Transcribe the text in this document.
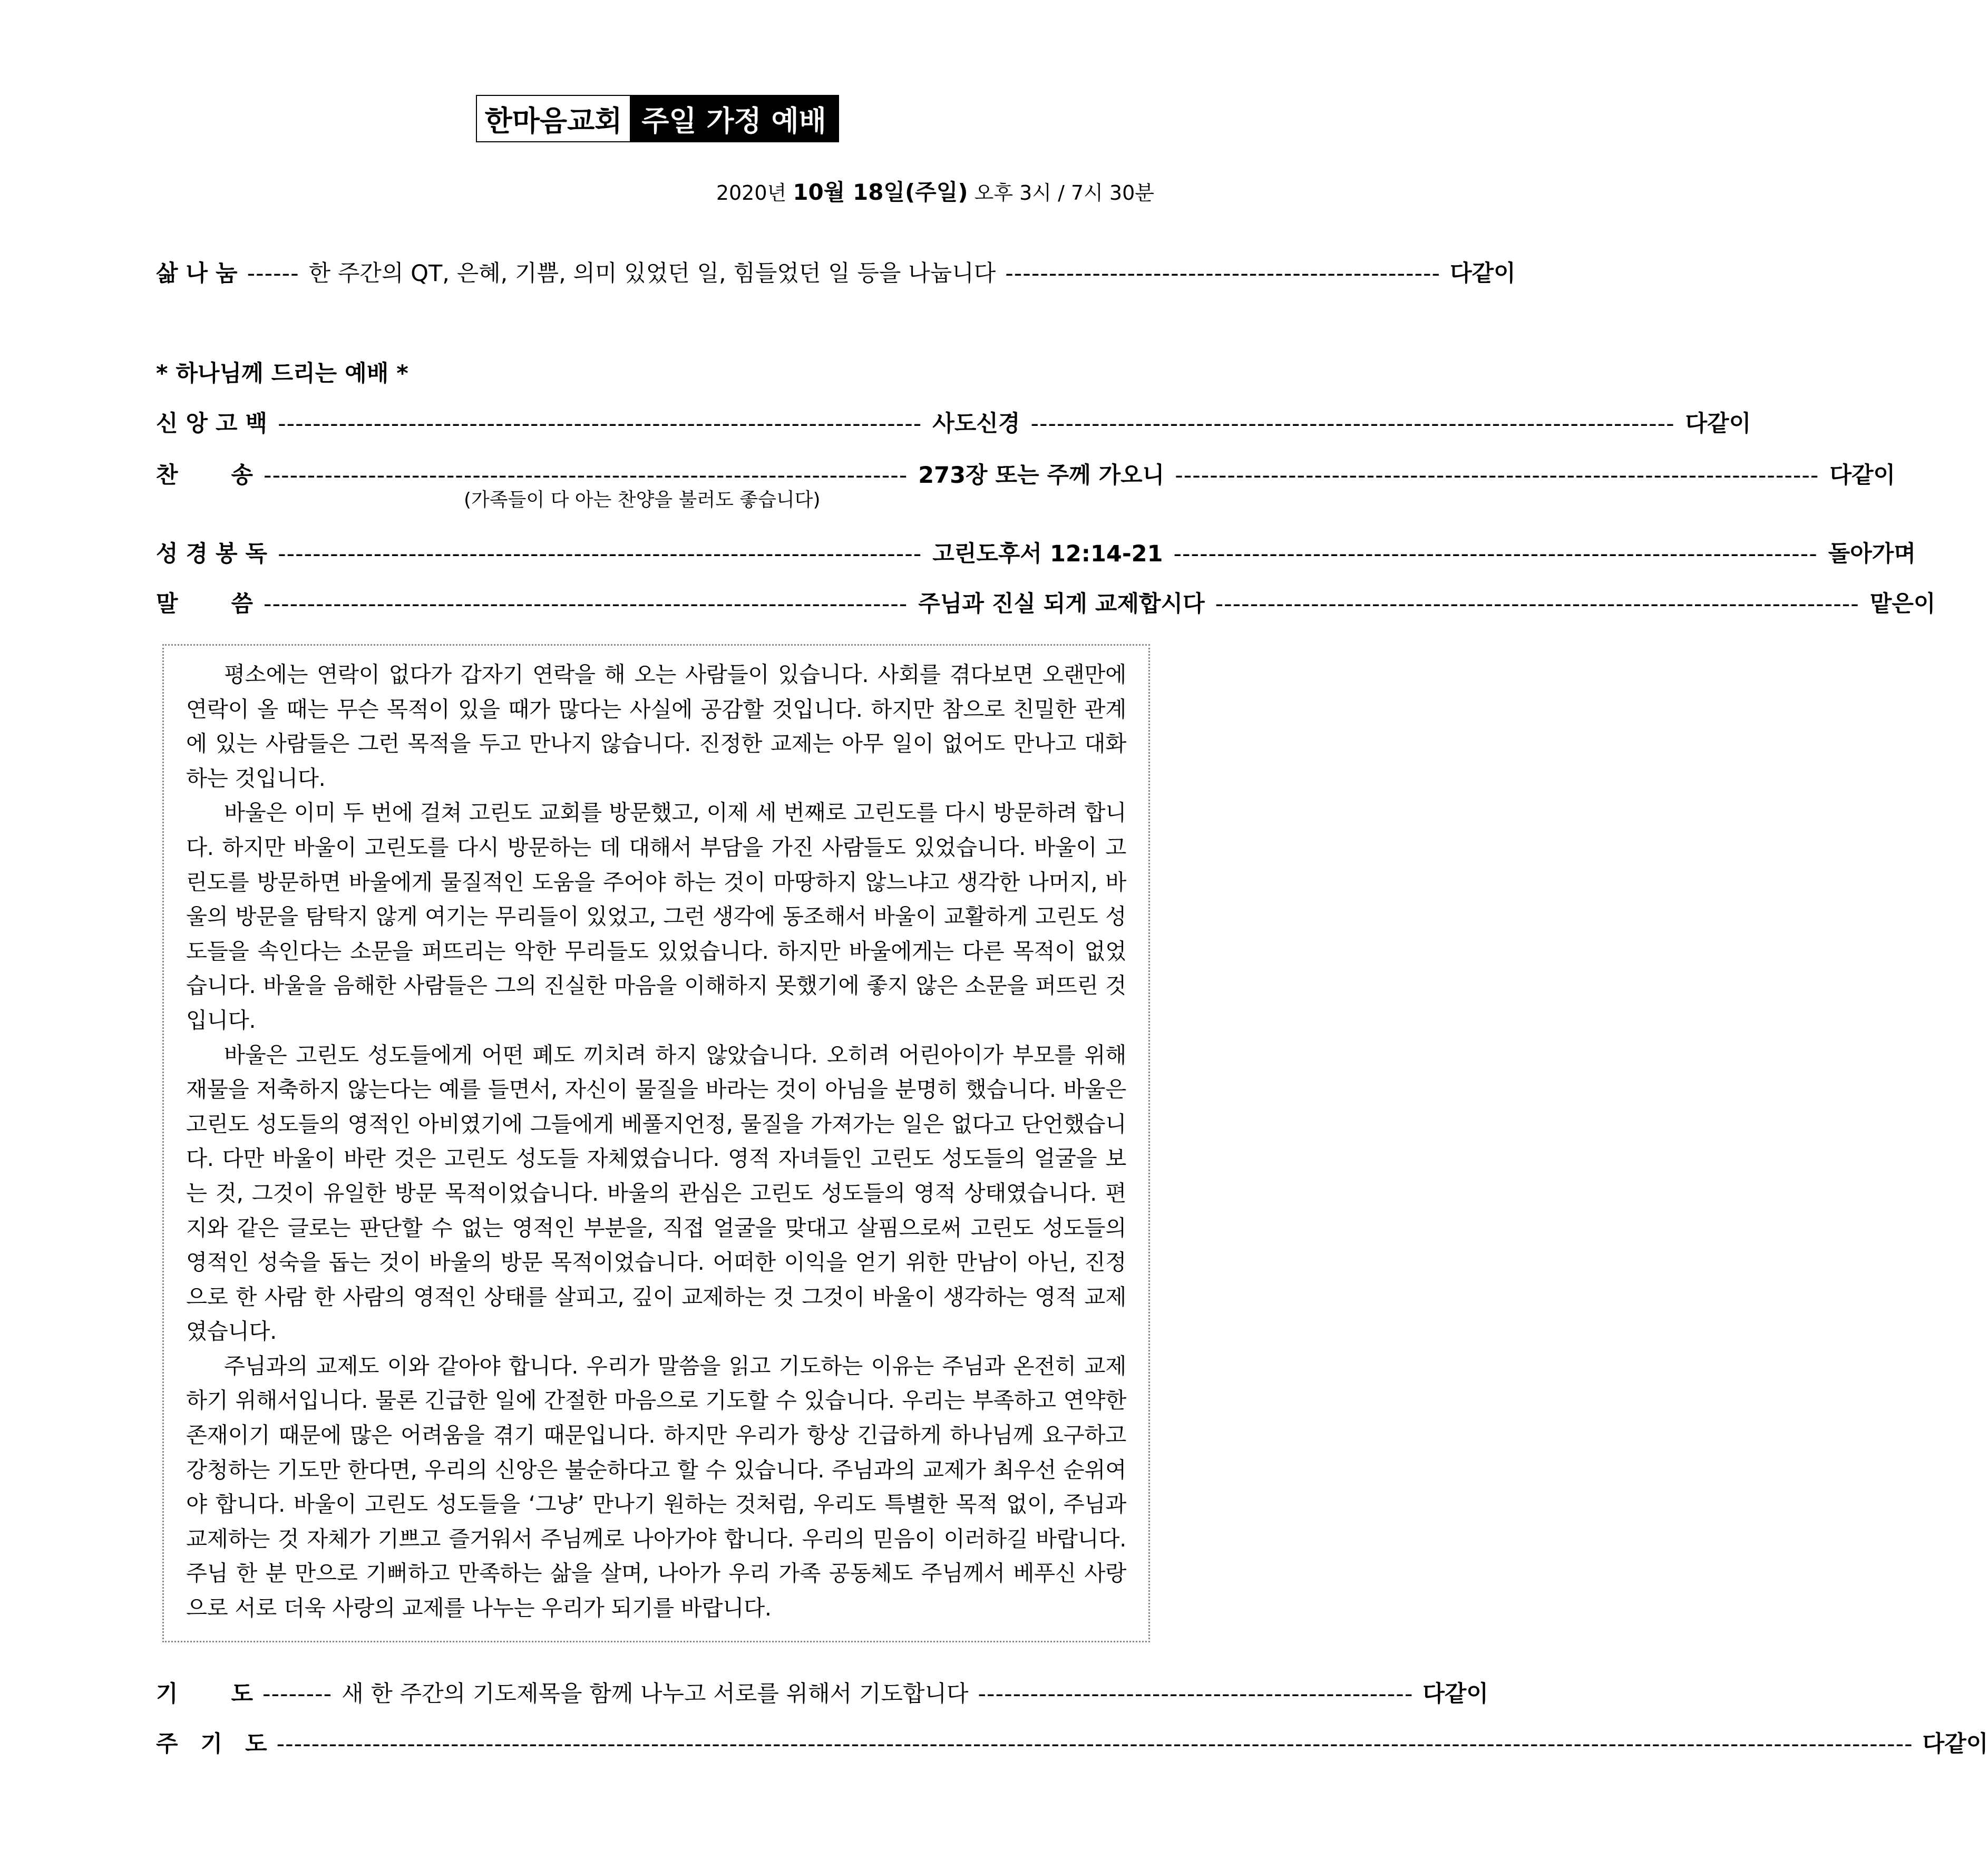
한마음교회 주일 가정 예배
2020년 10월 18일(주일) 오후 3시 / 7시 30분
삶 나 눔 ------ 한 주간의 QT, 은혜, 기쁨, 의미 있었던 일, 힘들었던 일 등을 나눕니다 -------------------------------------------------- 다같이
* 하나님께 드리는 예배 *
신 앙 고 백 -------------------------------------------------------------------------- 사도신경 -------------------------------------------------------------------------- 다같이
찬　　 송 -------------------------------------------------------------------------- 273장 또는 주께 가오니 -------------------------------------------------------------------------- 다같이
(가족들이 다 아는 찬양을 불러도 좋습니다)
성 경 봉 독 -------------------------------------------------------------------------- 고린도후서 12:14-21 -------------------------------------------------------------------------- 돌아가며
말　　 씀 -------------------------------------------------------------------------- 주님과 진실 되게 교제합시다 -------------------------------------------------------------------------- 맡은이

평소에는 연락이 없다가 갑자기 연락을 해 오는 사람들이 있습니다. 사회를 겪다보면 오랜만에 연락이 올 때는 무슨 목적이 있을 때가 많다는 사실에 공감할 것입니다. 하지만 참으로 친밀한 관계에 있는 사람들은 그런 목적을 두고 만나지 않습니다. 진정한 교제는 아무 일이 없어도 만나고 대화하는 것입니다.

바울은 이미 두 번에 걸쳐 고린도 교회를 방문했고, 이제 세 번째로 고린도를 다시 방문하려 합니다. 하지만 바울이 고린도를 다시 방문하는 데 대해서 부담을 가진 사람들도 있었습니다. 바울이 고린도를 방문하면 바울에게 물질적인 도움을 주어야 하는 것이 마땅하지 않느냐고 생각한 나머지, 바울의 방문을 탐탁지 않게 여기는 무리들이 있었고, 그런 생각에 동조해서 바울이 교활하게 고린도 성도들을 속인다는 소문을 퍼뜨리는 악한 무리들도 있었습니다. 하지만 바울에게는 다른 목적이 없었습니다. 바울을 음해한 사람들은 그의 진실한 마음을 이해하지 못했기에 좋지 않은 소문을 퍼뜨린 것입니다.

바울은 고린도 성도들에게 어떤 폐도 끼치려 하지 않았습니다. 오히려 어린아이가 부모를 위해 재물을 저축하지 않는다는 예를 들면서, 자신이 물질을 바라는 것이 아님을 분명히 했습니다. 바울은 고린도 성도들의 영적인 아비였기에 그들에게 베풀지언정, 물질을 가져가는 일은 없다고 단언했습니다. 다만 바울이 바란 것은 고린도 성도들 자체였습니다. 영적 자녀들인 고린도 성도들의 얼굴을 보는 것, 그것이 유일한 방문 목적이었습니다. 바울의 관심은 고린도 성도들의 영적 상태였습니다. 편지와 같은 글로는 판단할 수 없는 영적인 부분을, 직접 얼굴을 맞대고 살핌으로써 고린도 성도들의 영적인 성숙을 돕는 것이 바울의 방문 목적이었습니다. 어떠한 이익을 얻기 위한 만남이 아닌, 진정으로 한 사람 한 사람의 영적인 상태를 살피고, 깊이 교제하는 것 그것이 바울이 생각하는 영적 교제였습니다.

주님과의 교제도 이와 같아야 합니다. 우리가 말씀을 읽고 기도하는 이유는 주님과 온전히 교제하기 위해서입니다. 물론 긴급한 일에 간절한 마음으로 기도할 수 있습니다. 우리는 부족하고 연약한 존재이기 때문에 많은 어려움을 겪기 때문입니다. 하지만 우리가 항상 긴급하게 하나님께 요구하고 강청하는 기도만 한다면, 우리의 신앙은 불순하다고 할 수 있습니다. 주님과의 교제가 최우선 순위여야 합니다. 바울이 고린도 성도들을 ‘그냥’ 만나기 원하는 것처럼, 우리도 특별한 목적 없이, 주님과 교제하는 것 자체가 기쁘고 즐거워서 주님께로 나아가야 합니다. 우리의 믿음이 이러하길 바랍니다. 주님 한 분 만으로 기뻐하고 만족하는 삶을 살며, 나아가 우리 가족 공동체도 주님께서 베푸신 사랑으로 서로 더욱 사랑의 교제를 나누는 우리가 되기를 바랍니다.

기　　 도 -------- 새 한 주간의 기도제목을 함께 나누고 서로를 위해서 기도합니다 -------------------------------------------------- 다같이
주　기　도 -------------------------------------------------------------------------------------------------------------------------------------------------------------------------------------------- 다같이
